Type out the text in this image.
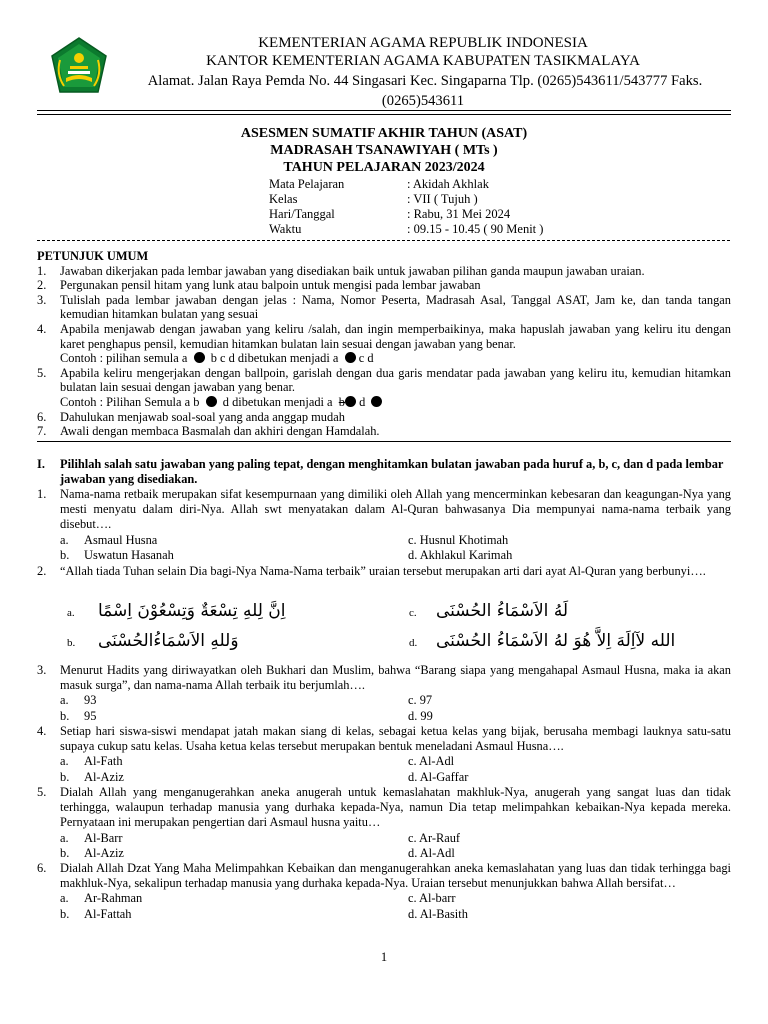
KEMENTERIAN AGAMA REPUBLIK INDONESIA
KANTOR KEMENTERIAN AGAMA KABUPATEN TASIKMALAYA
Alamat. Jalan Raya Pemda No. 44 Singasari Kec. Singaparna Tlp. (0265)543611/543777 Faks.
(0265)543611
ASESMEN SUMATIF AKHIR TAHUN (ASAT)
MADRASAH TSANAWIYAH ( MTs )
TAHUN PELAJARAN 2023/2024
Mata Pelajaran	: Akidah Akhlak
Kelas	: VII ( Tujuh )
Hari/Tanggal	: Rabu, 31 Mei 2024
Waktu	: 09.15 - 10.45 ( 90 Menit )
PETUNJUK UMUM
1.	Jawaban dikerjakan pada lembar jawaban yang disediakan baik untuk jawaban pilihan ganda maupun jawaban uraian.
2.	Pergunakan pensil hitam yang lunk atau balpoin untuk mengisi pada lembar jawaban
3.	Tulislah pada lembar jawaban dengan jelas : Nama, Nomor Peserta, Madrasah Asal, Tanggal ASAT, Jam ke, dan tanda tangan kemudian hitamkan bulatan yang sesuai
4.	Apabila menjawab dengan jawaban yang keliru /salah, dan ingin memperbaikinya, maka hapuslah jawaban yang keliru itu dengan karet penghapus pensil, kemudian hitamkan bulatan lain sesuai dengan jawaban yang benar.
Contoh : pilihan semula a b c d dibetukan menjadi a c d
5.	Apabila keliru mengerjakan dengan ballpoin, garislah dengan dua garis mendatar pada jawaban yang keliru itu, kemudian hitamkan bulatan lain sesuai dengan jawaban yang benar.
Contoh : Pilihan Semula a b d dibetukan menjadi a b d
6.	Dahulukan menjawab soal-soal yang anda anggap mudah
7.	Awali dengan membaca Basmalah dan akhiri dengan Hamdalah.
I.	Pilihlah salah satu jawaban yang paling tepat, dengan menghitamkan bulatan jawaban pada huruf a, b, c, dan d pada lembar jawaban yang disediakan.
1.	Nama-nama retbaik merupakan sifat kesempurnaan yang dimiliki oleh Allah yang mencerminkan kebesaran dan keagungan-Nya yang mesti menyatu dalam diri-Nya. Allah swt menyatakan dalam Al-Quran bahwasanya Dia mempunyai nama-nama terbaik yang disebut….
a.	Asmaul Husna	c. Husnul Khotimah
b.	Uswatun Hasanah	d. Akhlakul Karimah
2.	“Allah tiada Tuhan selain Dia bagi-Nya Nama-Nama terbaik” uraian tersebut merupakan arti dari ayat Al-Quran yang berbunyi….
a. اِنَّ لِلهِ تِسْعَةٌ وَتِسْعُوْنَ اِسْمًا	c. لَهُ الاَسْمَاءُ الحُسْنَى
b. وَللهِ الاَسْمَاءُالحُسْنَى	d. الله لآاِلَهَ اِلاَّ هُوَ لهُ الاَسْمَاءُ الحُسْنَى
3.	Menurut Hadits yang diriwayatkan oleh Bukhari dan Muslim, bahwa “Barang siapa yang mengahapal Asmaul Husna, maka ia akan masuk surga”, dan nama-nama Allah terbaik itu berjumlah….
a.	93	c. 97
b.	95	d. 99
4.	Setiap hari siswa-siswi mendapat jatah makan siang di kelas, sebagai ketua kelas yang bijak, berusaha membagi lauknya satu-satu supaya cukup satu kelas. Usaha ketua kelas tersebut merupakan bentuk meneladani Asmaul Husna….
a.	Al-Fath	c. Al-Adl
b.	Al-Aziz	d. Al-Gaffar
5.	Dialah Allah yang menganugerahkan aneka anugerah untuk kemaslahatan makhluk-Nya, anugerah yang sangat luas dan tidak terhingga, walaupun terhadap manusia yang durhaka kepada-Nya, namun Dia tetap melimpahkan kebaikan-Nya kepada mereka. Pernyataan ini merupakan pengertian dari Asmaul husna yaitu…
a.	Al-Barr	c. Ar-Rauf
b.	Al-Aziz	d. Al-Adl
6.	Dialah Allah Dzat Yang Maha Melimpahkan Kebaikan dan menganugerahkan aneka kemaslahatan yang luas dan tidak terhingga bagi makhluk-Nya, sekalipun terhadap manusia yang durhaka kepada-Nya. Uraian tersebut menunjukkan bahwa Allah bersifat…
a.	Ar-Rahman	c. Al-barr
b.	Al-Fattah	d. Al-Basith
1
